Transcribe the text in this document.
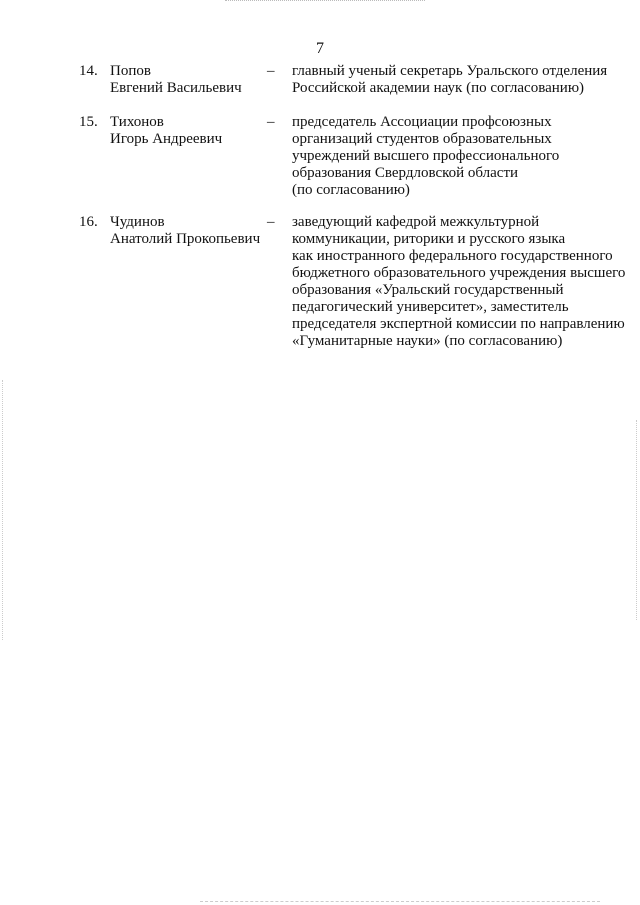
7
14. Попов
Евгений Васильевич
– главный ученый секретарь Уральского отделения
Российской академии наук (по согласованию)
15. Тихонов
Игорь Андреевич
– председатель Ассоциации профсоюзных
организаций студентов образовательных
учреждений высшего профессионального
образования Свердловской области
(по согласованию)
16. Чудинов
Анатолий Прокопьевич
– заведующий кафедрой межкультурной
коммуникации, риторики и русского языка
как иностранного федерального государственного
бюджетного образовательного учреждения высшего
образования «Уральский государственный
педагогический университет», заместитель
председателя экспертной комиссии по направлению
«Гуманитарные науки» (по согласованию)
